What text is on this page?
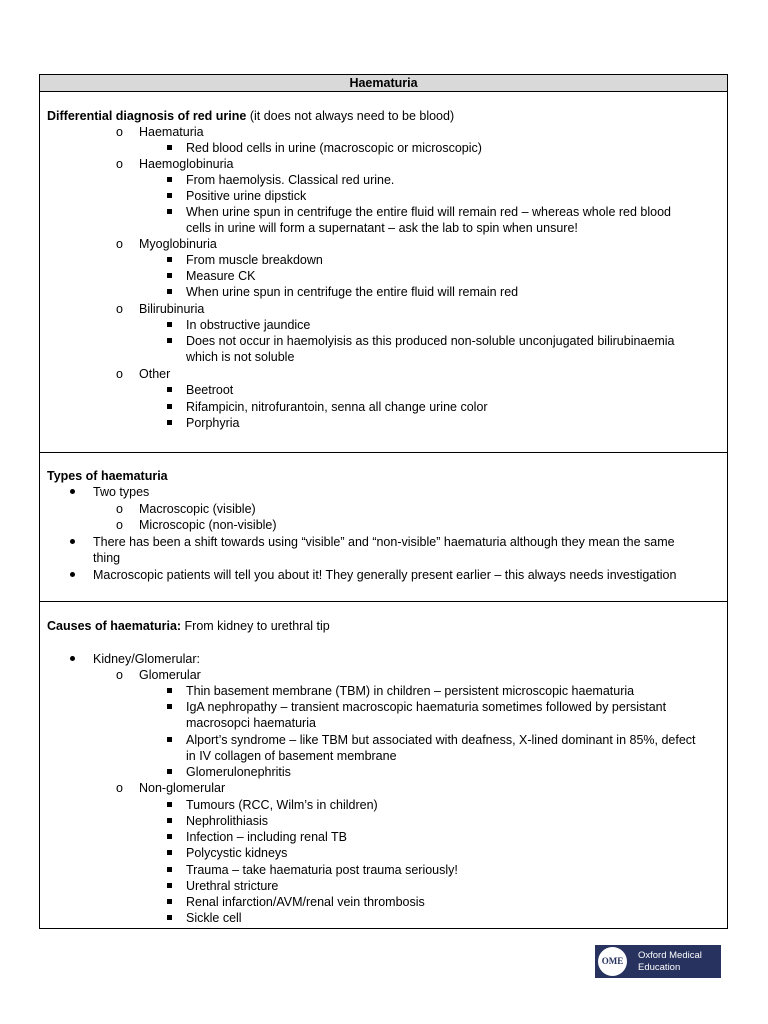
Haematuria
Differential diagnosis of red urine (it does not always need to be blood)
o Haematuria
Red blood cells in urine (macroscopic or microscopic)
o Haemoglobinuria
From haemolysis. Classical red urine.
Positive urine dipstick
When urine spun in centrifuge the entire fluid will remain red – whereas whole red blood
cells in urine will form a supernatant – ask the lab to spin when unsure!
o Myoglobinuria
From muscle breakdown
Measure CK
When urine spun in centrifuge the entire fluid will remain red
o Bilirubinuria
In obstructive jaundice
Does not occur in haemolyisis as this produced non-soluble unconjugated bilirubinaemia
which is not soluble
o Other
Beetroot
Rifampicin, nitrofurantoin, senna all change urine color
Porphyria
Types of haematuria
Two types
o Macroscopic (visible)
o Microscopic (non-visible)
There has been a shift towards using “visible” and “non-visible” haematuria although they mean the same
thing
Macroscopic patients will tell you about it! They generally present earlier – this always needs investigation
Causes of haematuria: From kidney to urethral tip
Kidney/Glomerular:
o Glomerular
Thin basement membrane (TBM) in children – persistent microscopic haematuria
IgA nephropathy – transient macroscopic haematuria sometimes followed by persistant
macrosopci haematuria
Alport’s syndrome – like TBM but associated with deafness, X-lined dominant in 85%, defect
in IV collagen of basement membrane
Glomerulonephritis
o Non-glomerular
Tumours (RCC, Wilm’s in children)
Nephrolithiasis
Infection – including renal TB
Polycystic kidneys
Trauma – take haematuria post trauma seriously!
Urethral stricture
Renal infarction/AVM/renal vein thrombosis
Sickle cell
OME	Oxford Medical
Education
